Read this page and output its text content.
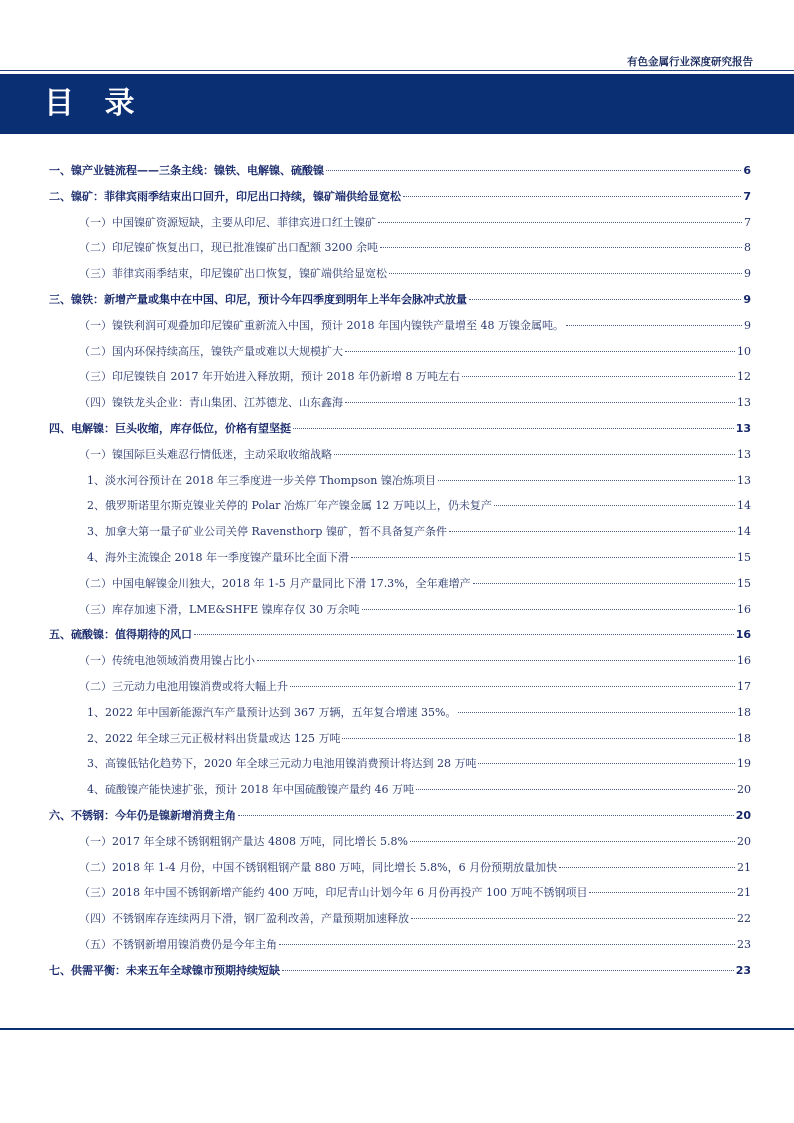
有色金属行业深度研究报告
目 录
一、镍产业链流程——三条主线：镍铁、电解镍、硫酸镍	6
二、镍矿：菲律宾雨季结束出口回升，印尼出口持续，镍矿端供给显宽松	7
（一）中国镍矿资源短缺，主要从印尼、菲律宾进口红土镍矿	7
（二）印尼镍矿恢复出口，现已批准镍矿出口配额 3200 余吨	8
（三）菲律宾雨季结束，印尼镍矿出口恢复，镍矿端供给显宽松	9
三、镍铁：新增产量或集中在中国、印尼，预计今年四季度到明年上半年会脉冲式放量	9
（一）镍铁利润可观叠加印尼镍矿重新流入中国，预计 2018 年国内镍铁产量增至 48 万镍金属吨。	9
（二）国内环保持续高压，镍铁产量或难以大规模扩大	10
（三）印尼镍铁自 2017 年开始进入释放期，预计 2018 年仍新增 8 万吨左右	12
（四）镍铁龙头企业：青山集团、江苏德龙、山东鑫海	13
四、电解镍：巨头收缩，库存低位，价格有望坚挺	13
（一）镍国际巨头难忍行情低迷，主动采取收缩战略	13
1、淡水河谷预计在 2018 年三季度进一步关停 Thompson 镍冶炼项目	13
2、俄罗斯诺里尔斯克镍业关停的 Polar 冶炼厂年产镍金属 12 万吨以上，仍未复产	14
3、加拿大第一量子矿业公司关停 Ravensthorp 镍矿，暂不具备复产条件	14
4、海外主流镍企 2018 年一季度镍产量环比全面下滑	15
（二）中国电解镍金川独大，2018 年 1-5 月产量同比下滑 17.3%，全年难增产	15
（三）库存加速下滑，LME&SHFE 镍库存仅 30 万余吨	16
五、硫酸镍：值得期待的风口	16
（一）传统电池领域消费用镍占比小	16
（二）三元动力电池用镍消费或将大幅上升	17
1、2022 年中国新能源汽车产量预计达到 367 万辆，五年复合增速 35%。	18
2、2022 年全球三元正极材料出货量或达 125 万吨	18
3、高镍低钴化趋势下，2020 年全球三元动力电池用镍消费预计将达到 28 万吨	19
4、硫酸镍产能快速扩张，预计 2018 年中国硫酸镍产量约 46 万吨	20
六、不锈钢：今年仍是镍新增消费主角	20
（一）2017 年全球不锈钢粗钢产量达 4808 万吨，同比增长 5.8%	20
（二）2018 年 1-4 月份，中国不锈钢粗钢产量 880 万吨，同比增长 5.8%，6 月份预期放量加快	21
（三）2018 年中国不锈钢新增产能约 400 万吨，印尼青山计划今年 6 月份再投产 100 万吨不锈钢项目	21
（四）不锈钢库存连续两月下滑，钢厂盈利改善，产量预期加速释放	22
（五）不锈钢新增用镍消费仍是今年主角	23
七、供需平衡：未来五年全球镍市预期持续短缺	23
